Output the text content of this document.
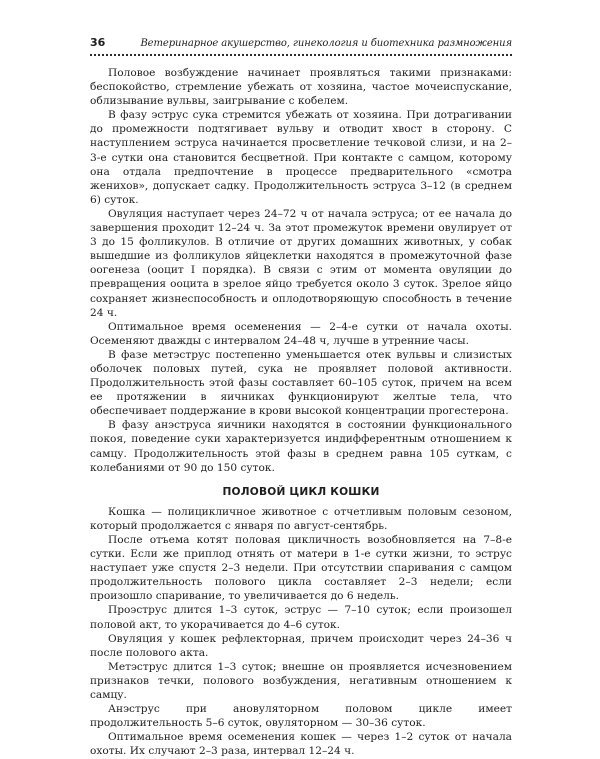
36	Ветеринарное акушерство, гинекология и биотехника размножения

Половое возбуждение начинает проявляться такими признаками: беспокойство, стремление убежать от хозяина, частое мочеиспускание, облизывание вульвы, заигрывание с кобелем.

В фазу эструс сука стремится убежать от хозяина. При дотрагивании до промежности подтягивает вульву и отводит хвост в сторону. С наступлением эструса начинается просветление течковой слизи, и на 2–3-е сутки она становится бесцветной. При контакте с самцом, которому она отдала предпочтение в процессе предварительного «смотра женихов», допускает садку. Продолжительность эструса 3–12 (в среднем 6) суток.

Овуляция наступает через 24–72 ч от начала эструса; от ее начала до завершения проходит 12–24 ч. За этот промежуток времени овулирует от 3 до 15 фолликулов. В отличие от других домашних животных, у собак вышедшие из фолликулов яйцеклетки находятся в промежуточной фазе оогенеза (ооцит I порядка). В связи с этим от момента овуляции до превращения ооцита в зрелое яйцо требуется около 3 суток. Зрелое яйцо сохраняет жизнеспособность и оплодотворяющую способность в течение 24 ч.

Оптимальное время осеменения — 2–4-е сутки от начала охоты. Осеменяют дважды с интервалом 24–48 ч, лучше в утренние часы.

В фазе метэструс постепенно уменьшается отек вульвы и слизистых оболочек половых путей, сука не проявляет половой активности. Продолжительность этой фазы составляет 60–105 суток, причем на всем ее протяжении в яичниках функционируют желтые тела, что обеспечивает поддержание в крови высокой концентрации прогестерона.

В фазу анэструса яичники находятся в состоянии функционального покоя, поведение суки характеризуется индифферентным отношением к самцу. Продолжительность этой фазы в среднем равна 105 суткам, с колебаниями от 90 до 150 суток.

ПОЛОВОЙ ЦИКЛ КОШКИ

Кошка — полицикличное животное с отчетливым половым сезоном, который продолжается с января по август-сентябрь.

После отъема котят половая цикличность возобновляется на 7–8-е сутки. Если же приплод отнять от матери в 1-е сутки жизни, то эструс наступает уже спустя 2–3 недели. При отсутствии спаривания с самцом продолжительность полового цикла составляет 2–3 недели; если произошло спаривание, то увеличивается до 6 недель.

Проэструс длится 1–3 суток, эструс — 7–10 суток; если произошел половой акт, то укорачивается до 4–6 суток.

Овуляция у кошек рефлекторная, причем происходит через 24–36 ч после полового акта.

Метэструс длится 1–3 суток; внешне он проявляется исчезновением признаков течки, полового возбуждения, негативным отношением к самцу.

Анэструс при ановуляторном половом цикле имеет продолжительность 5–6 суток, овуляторном — 30–36 суток.

Оптимальное время осеменения кошек — через 1–2 суток от начала охоты. Их случают 2–3 раза, интервал 12–24 ч.
